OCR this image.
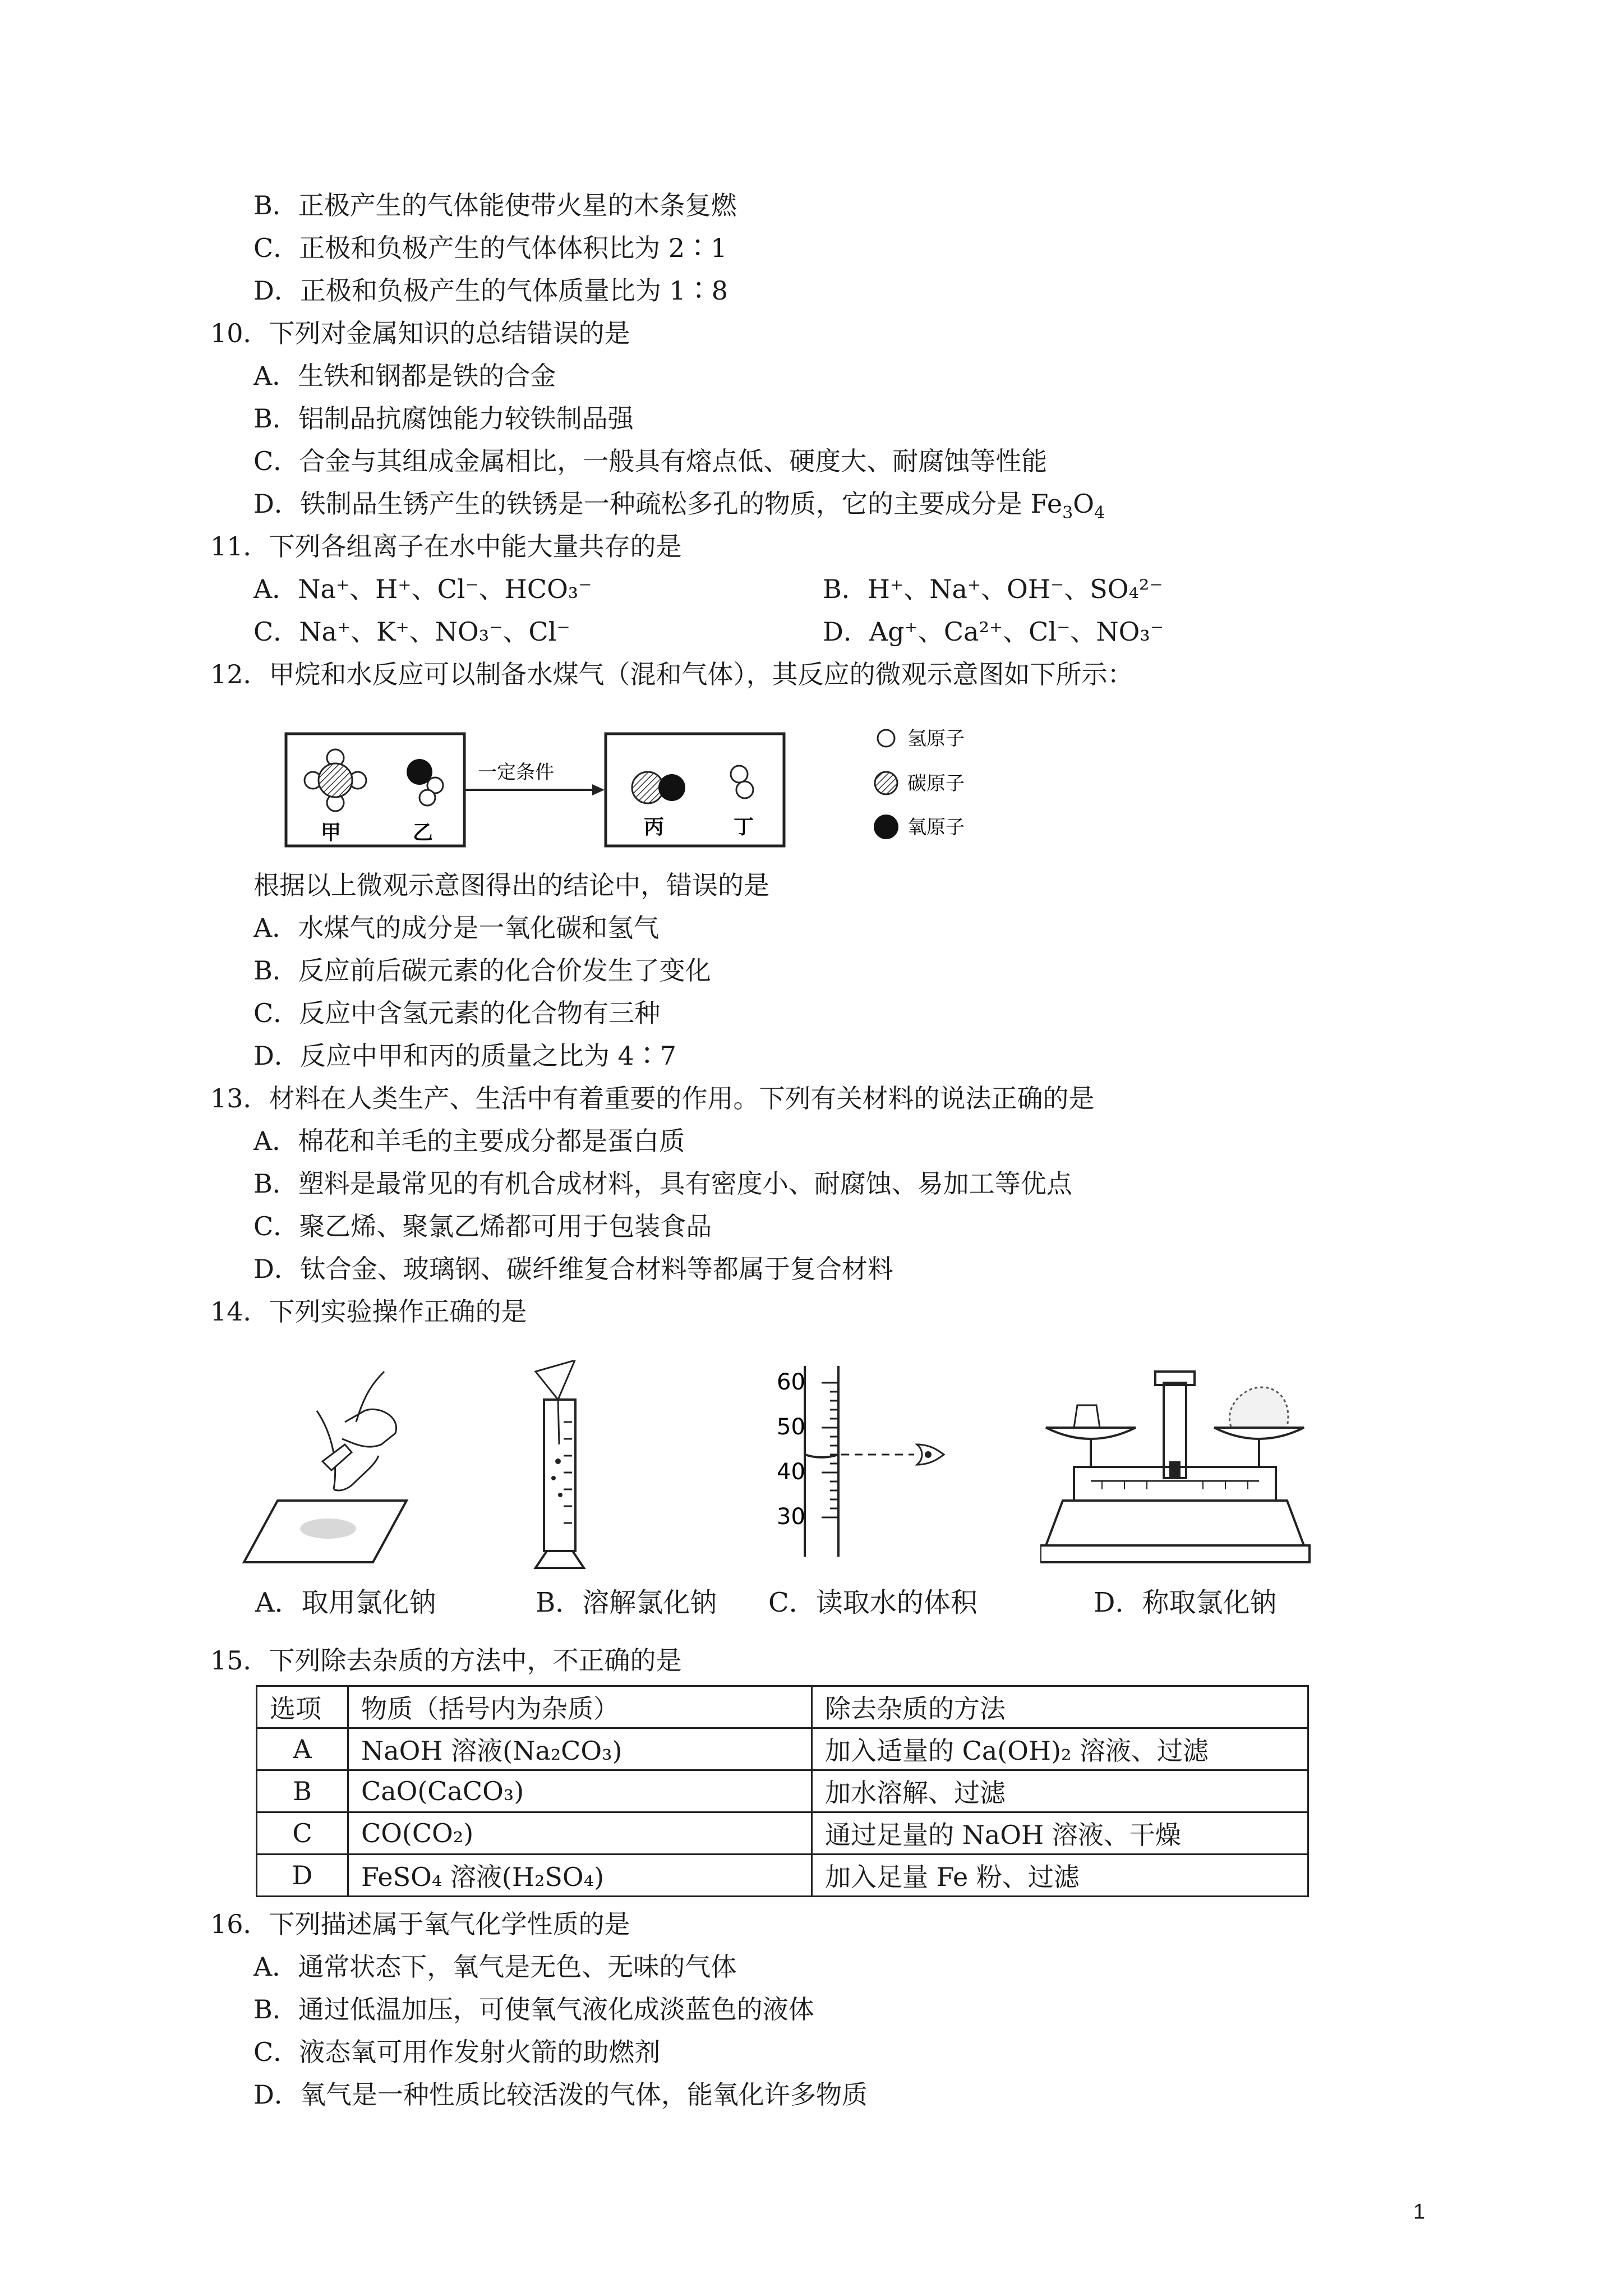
B．正极产生的气体能使带火星的木条复燃
C．正极和负极产生的气体体积比为 2∶1
D．正极和负极产生的气体质量比为 1∶8
10．下列对金属知识的总结错误的是
A．生铁和钢都是铁的合金
B．铝制品抗腐蚀能力较铁制品强
C．合金与其组成金属相比，一般具有熔点低、硬度大、耐腐蚀等性能
D．铁制品生锈产生的铁锈是一种疏松多孔的物质，它的主要成分是 $Fe_3O_4$
11．下列各组离子在水中能大量共存的是
A．Na⁺、H⁺、Cl⁻、HCO₃⁻	B．H⁺、Na⁺、OH⁻、SO₄²⁻
C．Na⁺、K⁺、NO₃⁻、Cl⁻	D．Ag⁺、Ca²⁺、Cl⁻、NO₃⁻
12．甲烷和水反应可以制备水煤气（混和气体），其反应的微观示意图如下所示：
甲	乙
一定条件
丙	丁
氢原子
碳原子
氧原子
根据以上微观示意图得出的结论中，错误的是
A．水煤气的成分是一氧化碳和氢气
B．反应前后碳元素的化合价发生了变化
C．反应中含氢元素的化合物有三种
D．反应中甲和丙的质量之比为 4∶7
13．材料在人类生产、生活中有着重要的作用。下列有关材料的说法正确的是
A．棉花和羊毛的主要成分都是蛋白质
B．塑料是最常见的有机合成材料，具有密度小、耐腐蚀、易加工等优点
C．聚乙烯、聚氯乙烯都可用于包装食品
D．钛合金、玻璃钢、碳纤维复合材料等都属于复合材料
14．下列实验操作正确的是
60
50
40
30
A．取用氯化钠	B．溶解氯化钠 C．读取水的体积	D．称取氯化钠
15．下列除去杂质的方法中，不正确的是
选项	物质（括号内为杂质）	除去杂质的方法
A	NaOH 溶液(Na₂CO₃)	加入适量的 Ca(OH)₂ 溶液、过滤
B	CaO(CaCO₃)	加水溶解、过滤
C	CO(CO₂)	通过足量的 NaOH 溶液、干燥
D	FeSO₄ 溶液(H₂SO₄)	加入足量 Fe 粉、过滤
16．下列描述属于氧气化学性质的是
A．通常状态下，氧气是无色、无味的气体
B．通过低温加压，可使氧气液化成淡蓝色的液体
C．液态氧可用作发射火箭的助燃剂
D．氧气是一种性质比较活泼的气体，能氧化许多物质
1
